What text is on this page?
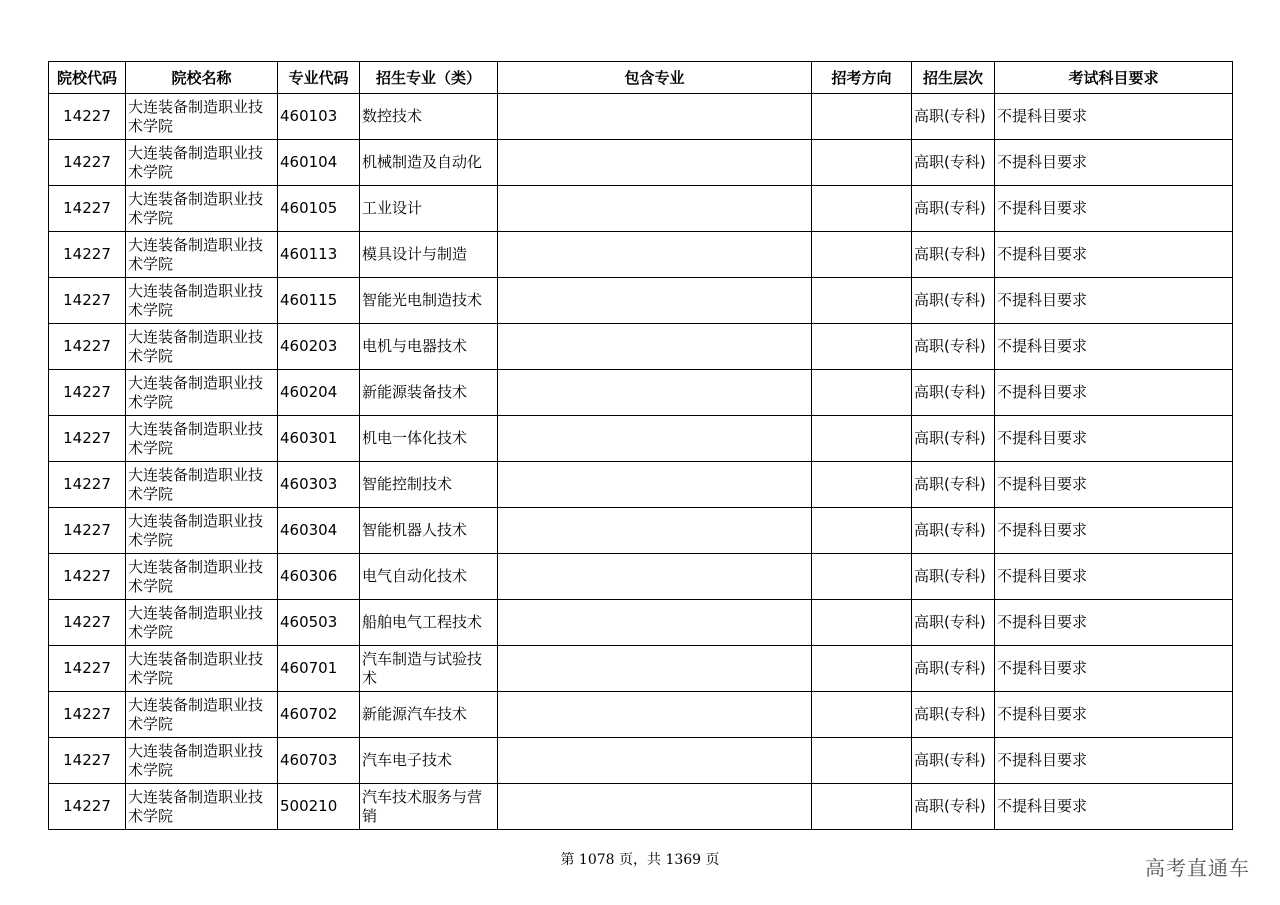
院校代码	院校名称	专业代码	招生专业（类）	包含专业	招考方向	招生层次	考试科目要求
14227	大连装备制造职业技术学院	460103	数控技术			高职(专科)	不提科目要求
14227	大连装备制造职业技术学院	460104	机械制造及自动化			高职(专科)	不提科目要求
14227	大连装备制造职业技术学院	460105	工业设计			高职(专科)	不提科目要求
14227	大连装备制造职业技术学院	460113	模具设计与制造			高职(专科)	不提科目要求
14227	大连装备制造职业技术学院	460115	智能光电制造技术			高职(专科)	不提科目要求
14227	大连装备制造职业技术学院	460203	电机与电器技术			高职(专科)	不提科目要求
14227	大连装备制造职业技术学院	460204	新能源装备技术			高职(专科)	不提科目要求
14227	大连装备制造职业技术学院	460301	机电一体化技术			高职(专科)	不提科目要求
14227	大连装备制造职业技术学院	460303	智能控制技术			高职(专科)	不提科目要求
14227	大连装备制造职业技术学院	460304	智能机器人技术			高职(专科)	不提科目要求
14227	大连装备制造职业技术学院	460306	电气自动化技术			高职(专科)	不提科目要求
14227	大连装备制造职业技术学院	460503	船舶电气工程技术			高职(专科)	不提科目要求
14227	大连装备制造职业技术学院	460701	汽车制造与试验技术			高职(专科)	不提科目要求
14227	大连装备制造职业技术学院	460702	新能源汽车技术			高职(专科)	不提科目要求
14227	大连装备制造职业技术学院	460703	汽车电子技术			高职(专科)	不提科目要求
14227	大连装备制造职业技术学院	500210	汽车技术服务与营销			高职(专科)	不提科目要求
第 1078 页，共 1369 页	高考直通车
